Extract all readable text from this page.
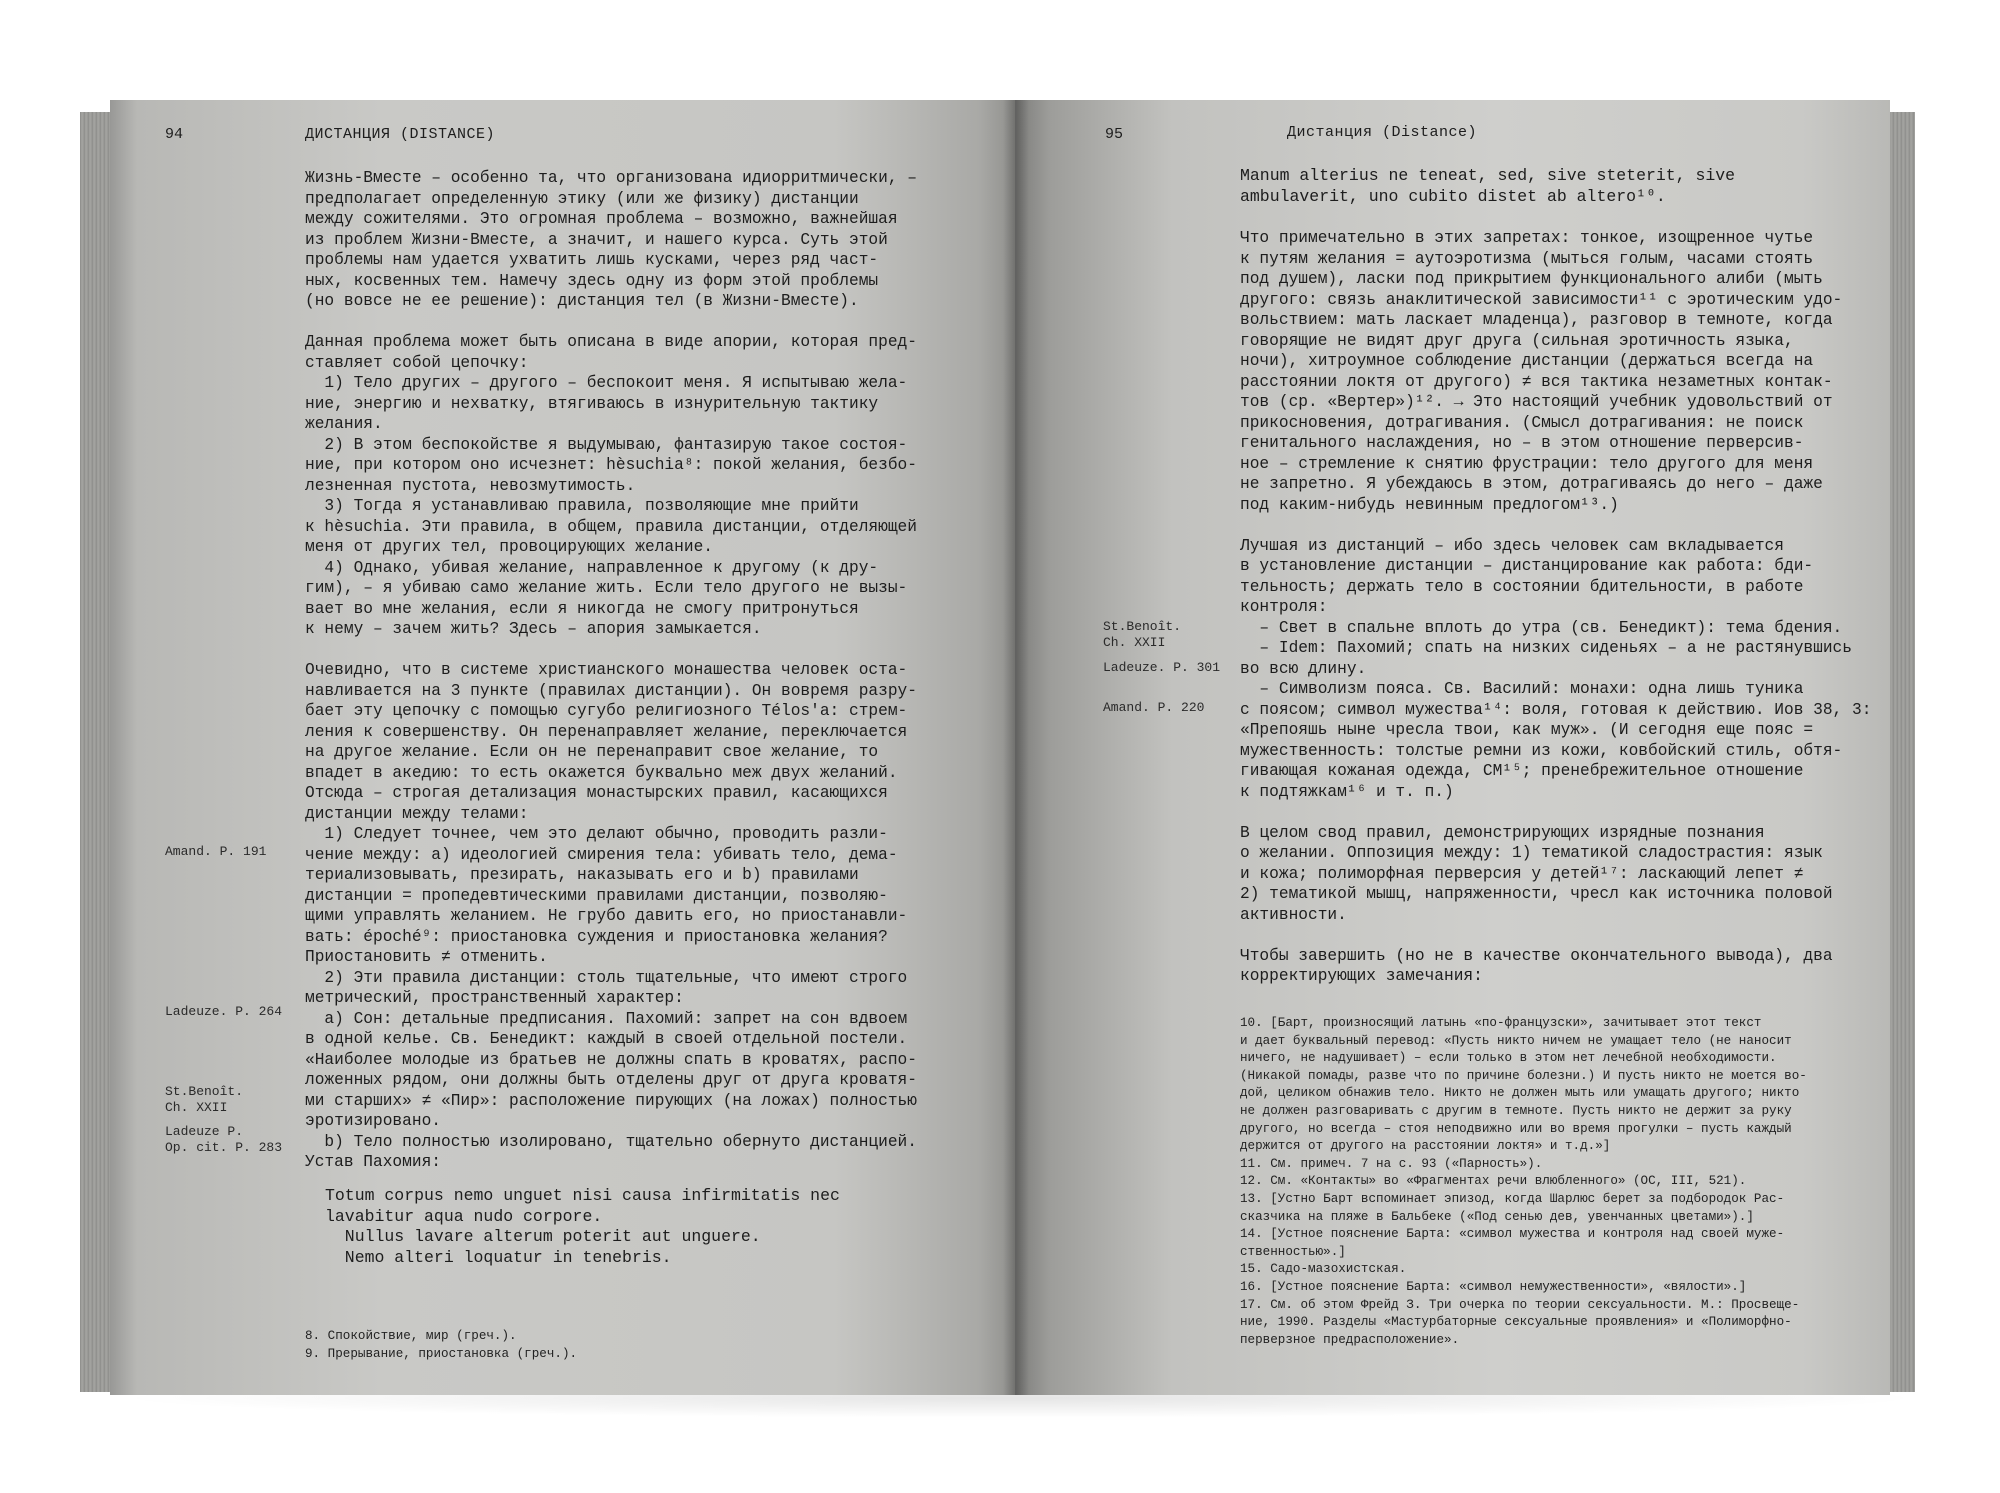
94	ДИСТАНЦИЯ (DISTANCE)
Жизнь-Вместе – особенно та, что организована идиорритмически, –
предполагает определенную этику (или же физику) дистанции
между сожителями. Это огромная проблема – возможно, важнейшая
из проблем Жизни-Вместе, а значит, и нашего курса. Суть этой
проблемы нам удается ухватить лишь кусками, через ряд част-
ных, косвенных тем. Намечу здесь одну из форм этой проблемы
(но вовсе не ее решение): дистанция тел (в Жизни-Вместе).

Данная проблема может быть описана в виде апории, которая пред-
ставляет собой цепочку:
1) Тело других – другого – беспокоит меня. Я испытываю жела-
ние, энергию и нехватку, втягиваюсь в изнурительную тактику
желания.
2) В этом беспокойстве я выдумываю, фантазирую такое состоя-
ние, при котором оно исчезнет: hèsuchia⁸: покой желания, безбо-
лезненная пустота, невозмутимость.
3) Тогда я устанавливаю правила, позволяющие мне прийти
к hèsuchia. Эти правила, в общем, правила дистанции, отделяющей
меня от других тел, провоцирующих желание.
4) Однако, убивая желание, направленное к другому (к дру-
гим), – я убиваю само желание жить. Если тело другого не вызы-
вает во мне желания, если я никогда не смогу притронуться
к нему – зачем жить? Здесь – апория замыкается.

Очевидно, что в системе христианского монашества человек оста-
навливается на 3 пункте (правилах дистанции). Он вовремя разру-
бает эту цепочку с помощью сугубо религиозного Télos'а: стрем-
ления к совершенству. Он перенаправляет желание, переключается
на другое желание. Если он не перенаправит свое желание, то
впадет в акедию: то есть окажется буквально меж двух желаний.
Отсюда – строгая детализация монастырских правил, касающихся
дистанции между телами:
1) Следует точнее, чем это делают обычно, проводить разли-
чение между: a) идеологией смирения тела: убивать тело, дема-
териализовывать, презирать, наказывать его и b) правилами
дистанции = пропедевтическими правилами дистанции, позволяю-
щими управлять желанием. Не грубо давить его, но приостанавли-
вать: époché⁹: приостановка суждения и приостановка желания?
Приостановить ≠ отменить.
2) Эти правила дистанции: столь тщательные, что имеют строго
метрический, пространственный характер:
a) Сон: детальные предписания. Пахомий: запрет на сон вдвоем
в одной келье. Св. Бенедикт: каждый в своей отдельной постели.
«Наиболее молодые из братьев не должны спать в кроватях, распо-
ложенных рядом, они должны быть отделены друг от друга кроватя-
ми старших» ≠ «Пир»: расположение пирующих (на ложах) полностью
эротизировано.
b) Тело полностью изолировано, тщательно обернуто дистанцией.
Устав Пахомия:
Totum corpus nemo unguet nisi causa infirmitatis nec
lavabitur aqua nudo corpore.
Nullus lavare alterum poterit aut unguere.
Nemo alteri loquatur in tenebris.
Amand. P. 191
Ladeuze. P. 264
St.Benoît.
Ch. XXII
Ladeuze P.
Op. cit. P. 283
8. Спокойствие, мир (греч.).
9. Прерывание, приостановка (греч.).
95	Дистанция (Distance)
Manum alterius ne teneat, sed, sive steterit, sive
ambulaverit, uno cubito distet ab altero¹⁰.
Что примечательно в этих запретах: тонкое, изощренное чутье
к путям желания = аутоэротизма (мыться голым, часами стоять
под душем), ласки под прикрытием функционального алиби (мыть
другого: связь анаклитической зависимости¹¹ с эротическим удо-
вольствием: мать ласкает младенца), разговор в темноте, когда
говорящие не видят друг друга (сильная эротичность языка,
ночи), хитроумное соблюдение дистанции (держаться всегда на
расстоянии локтя от другого) ≠ вся тактика незаметных контак-
тов (ср. «Вертер»)¹². → Это настоящий учебник удовольствий от
прикосновения, дотрагивания. (Смысл дотрагивания: не поиск
генитального наслаждения, но – в этом отношение перверсив-
ное – стремление к снятию фрустрации: тело другого для меня
не запретно. Я убеждаюсь в этом, дотрагиваясь до него – даже
под каким-нибудь невинным предлогом¹³.)

Лучшая из дистанций – ибо здесь человек сам вкладывается
в установление дистанции – дистанцирование как работа: бди-
тельность; держать тело в состоянии бдительности, в работе
контроля:
– Свет в спальне вплоть до утра (св. Бенедикт): тема бдения.
– Idem: Пахомий; спать на низких сиденьях – а не растянувшись
во всю длину.
– Символизм пояса. Св. Василий: монахи: одна лишь туника
с поясом; символ мужества¹⁴: воля, готовая к действию. Иов 38, 3:
«Препояшь ныне чресла твои, как муж». (И сегодня еще пояс =
мужественность: толстые ремни из кожи, ковбойский стиль, обтя-
гивающая кожаная одежда, СМ¹⁵; пренебрежительное отношение
к подтяжкам¹⁶ и т. п.)

В целом свод правил, демонстрирующих изрядные познания
о желании. Оппозиция между: 1) тематикой сладострастия: язык
и кожа; полиморфная перверсия у детей¹⁷: ласкающий лепет ≠
2) тематикой мышц, напряженности, чресл как источника половой
активности.

Чтобы завершить (но не в качестве окончательного вывода), два
корректирующих замечания:
St.Benoît.
Ch. XXII
Ladeuze. P. 301
Amand. P. 220
10. [Барт, произносящий латынь «по-французски», зачитывает этот текст
и дает буквальный перевод: «Пусть никто ничем не умащает тело (не наносит
ничего, не надушивает) – если только в этом нет лечебной необходимости.
(Никакой помады, разве что по причине болезни.) И пусть никто не моется во-
дой, целиком обнажив тело. Никто не должен мыть или умащать другого; никто
не должен разговаривать с другим в темноте. Пусть никто не держит за руку
другого, но всегда – стоя неподвижно или во время прогулки – пусть каждый
держится от другого на расстоянии локтя» и т.д.»]
11. См. примеч. 7 на с. 93 («Парность»).
12. См. «Контакты» во «Фрагментах речи влюбленного» (ОС, III, 521).
13. [Устно Барт вспоминает эпизод, когда Шарлюс берет за подбородок Рас-
сказчика на пляже в Бальбеке («Под сенью дев, увенчанных цветами»).]
14. [Устное пояснение Барта: «символ мужества и контроля над своей муже-
ственностью».]
15. Садо-мазохистская.
16. [Устное пояснение Барта: «символ немужественности», «вялости».]
17. См. об этом Фрейд З. Три очерка по теории сексуальности. М.: Просвеще-
ние, 1990. Разделы «Мастурбаторные сексуальные проявления» и «Полиморфно-
перверзное предрасположение».
